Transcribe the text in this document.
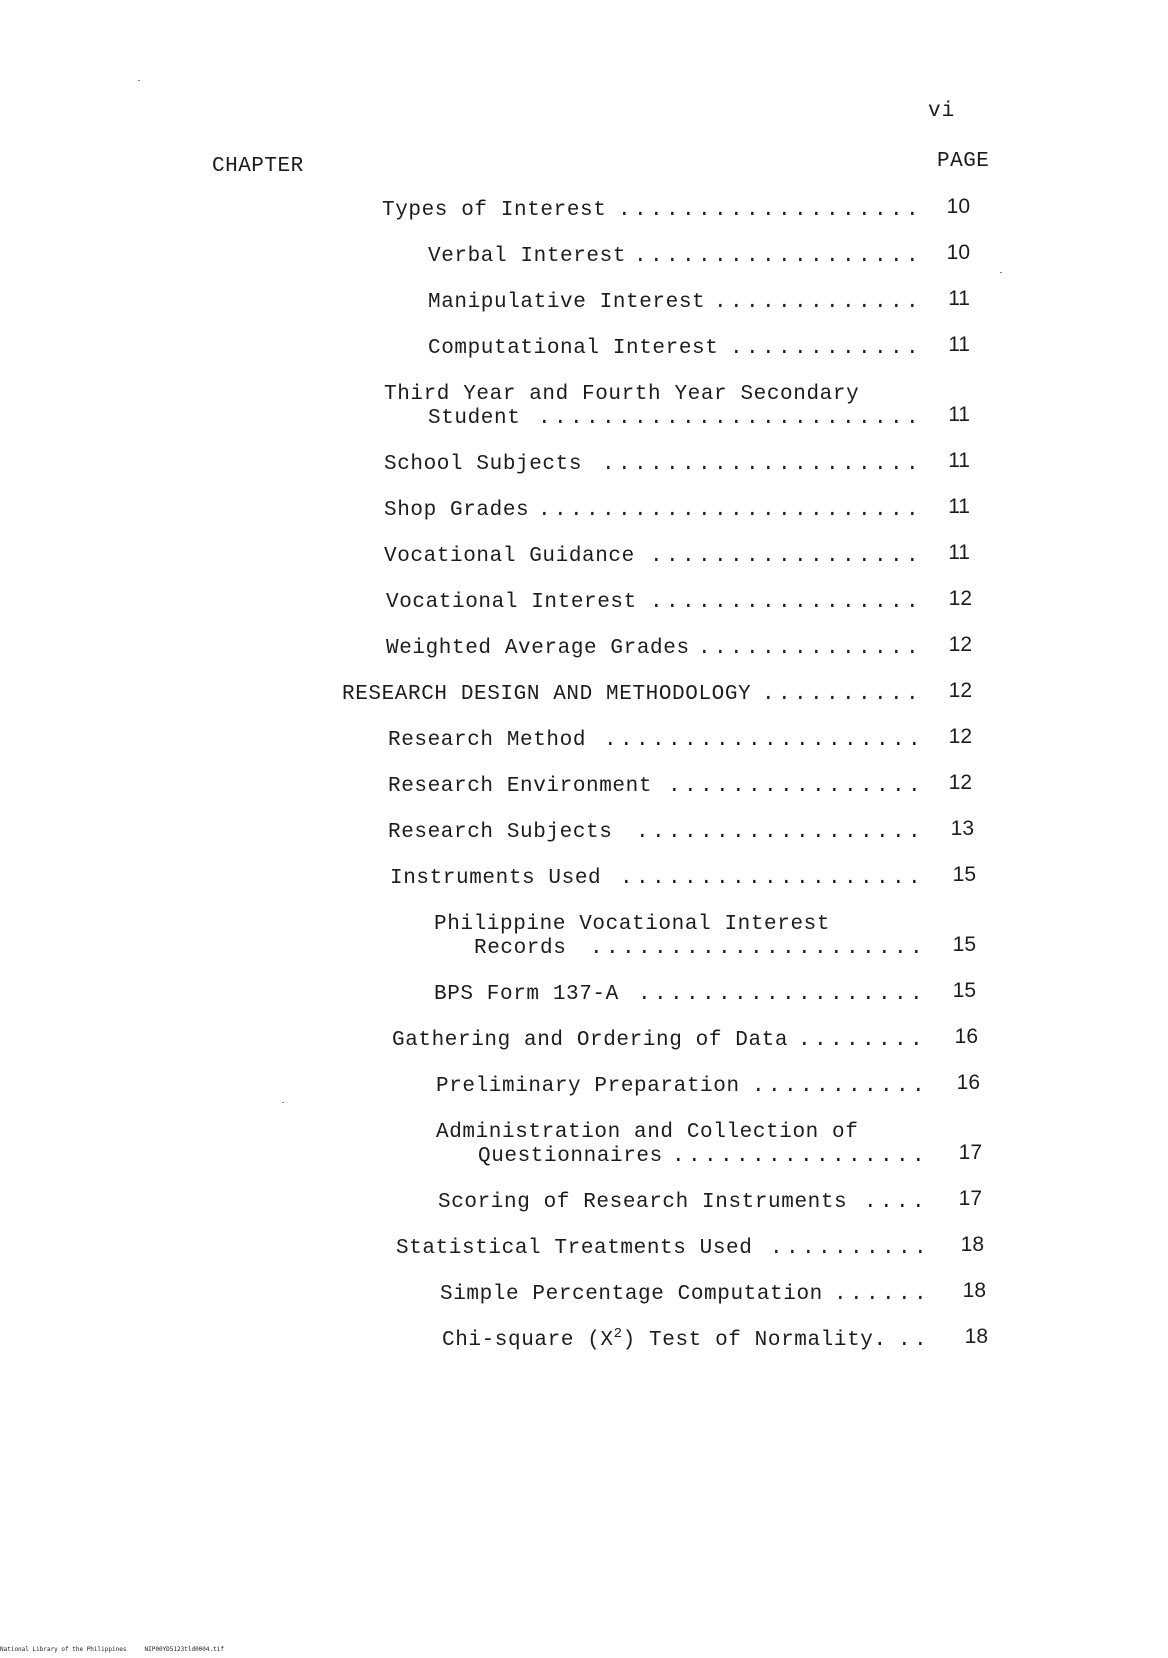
vi
CHAPTER	PAGE
Types of Interest ...................	10
Verbal Interest ..................	10
Manipulative Interest .............	11
Computational Interest ............	11
Third Year and Fourth Year Secondary
Student ........................	11
School Subjects ....................	11
Shop Grades ........................	11
Vocational Guidance .................	11
Vocational Interest .................	12
Weighted Average Grades ..............	12
RESEARCH DESIGN AND METHODOLOGY ..........	12
Research Method ....................	12
Research Environment ................	12
Research Subjects ..................	13
Instruments Used ...................	15
Philippine Vocational Interest
Records .....................	15
BPS Form 137-A ..................	15
Gathering and Ordering of Data ........	16
Preliminary Preparation ...........	16
Administration and Collection of
Questionnaires ................	17
Scoring of Research Instruments ....	17
Statistical Treatments Used ..........	18
Simple Percentage Computation ......	18
Chi-square $(X^2)$ Test of Normality. ..	18
National Library of the Philippines     NIP00YD5123tld0004.tif
